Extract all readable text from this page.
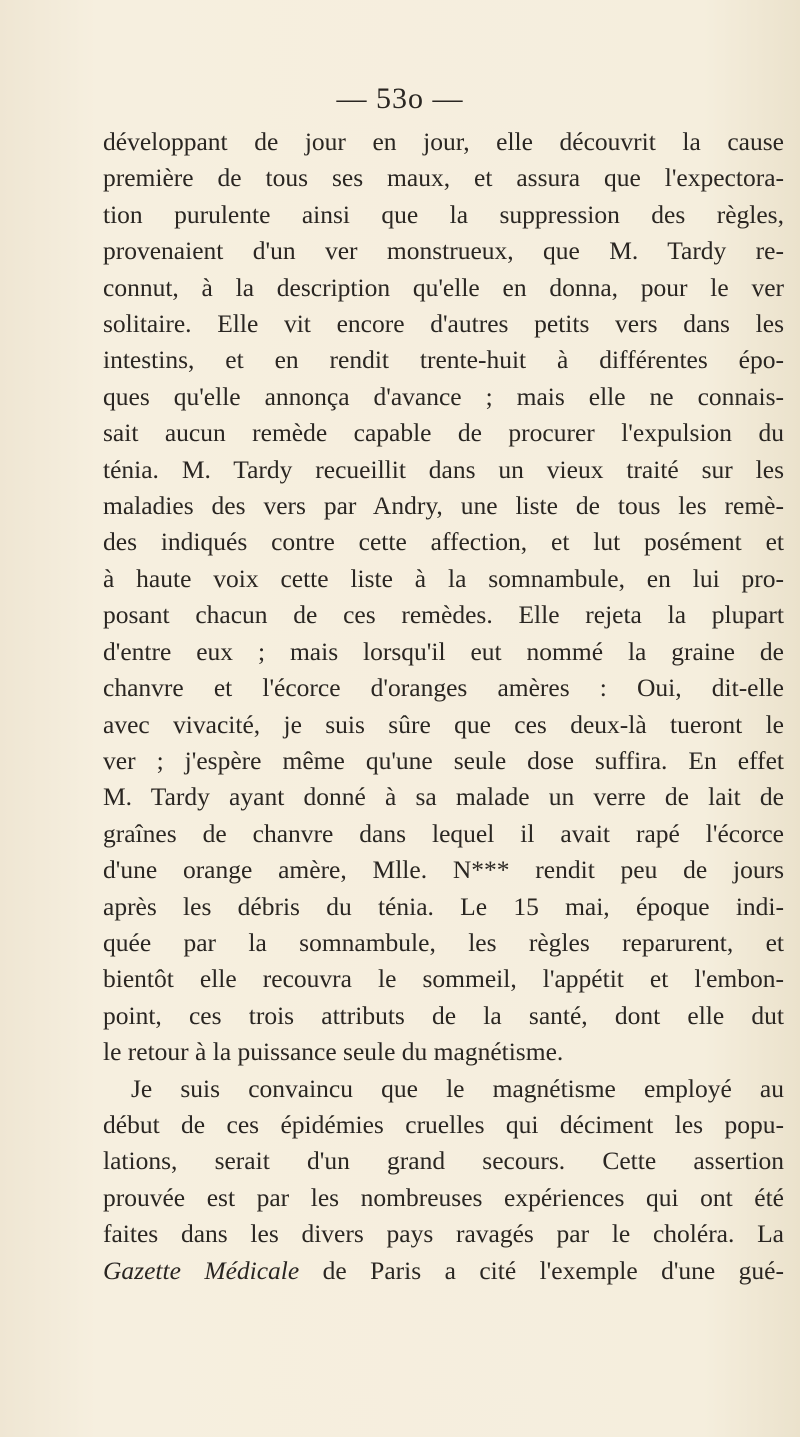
— 53o —
développant de jour en jour, elle découvrit la cause
première de tous ses maux, et assura que l'expectora-
tion purulente ainsi que la suppression des règles,
provenaient d'un ver monstrueux, que M. Tardy re-
connut, à la description qu'elle en donna, pour le ver
solitaire. Elle vit encore d'autres petits vers dans les
intestins, et en rendit trente-huit à différentes épo-
ques qu'elle annonça d'avance ; mais elle ne connais-
sait aucun remède capable de procurer l'expulsion du
ténia. M. Tardy recueillit dans un vieux traité sur les
maladies des vers par Andry, une liste de tous les remè-
des indiqués contre cette affection, et lut posément et
à haute voix cette liste à la somnambule, en lui pro-
posant chacun de ces remèdes. Elle rejeta la plupart
d'entre eux ; mais lorsqu'il eut nommé la graine de
chanvre et l'écorce d'oranges amères : Oui, dit-elle
avec vivacité, je suis sûre que ces deux-là tueront le
ver ; j'espère même qu'une seule dose suffira. En effet
M. Tardy ayant donné à sa malade un verre de lait de
graînes de chanvre dans lequel il avait rapé l'écorce
d'une orange amère, Mlle. N*** rendit peu de jours
après les débris du ténia. Le 15 mai, époque indi-
quée par la somnambule, les règles reparurent, et
bientôt elle recouvra le sommeil, l'appétit et l'embon-
point, ces trois attributs de la santé, dont elle dut
le retour à la puissance seule du magnétisme.
Je suis convaincu que le magnétisme employé au
début de ces épidémies cruelles qui déciment les popu-
lations, serait d'un grand secours. Cette assertion
prouvée est par les nombreuses expériences qui ont été
faites dans les divers pays ravagés par le choléra. La
Gazette Médicale de Paris a cité l'exemple d'une gué-
